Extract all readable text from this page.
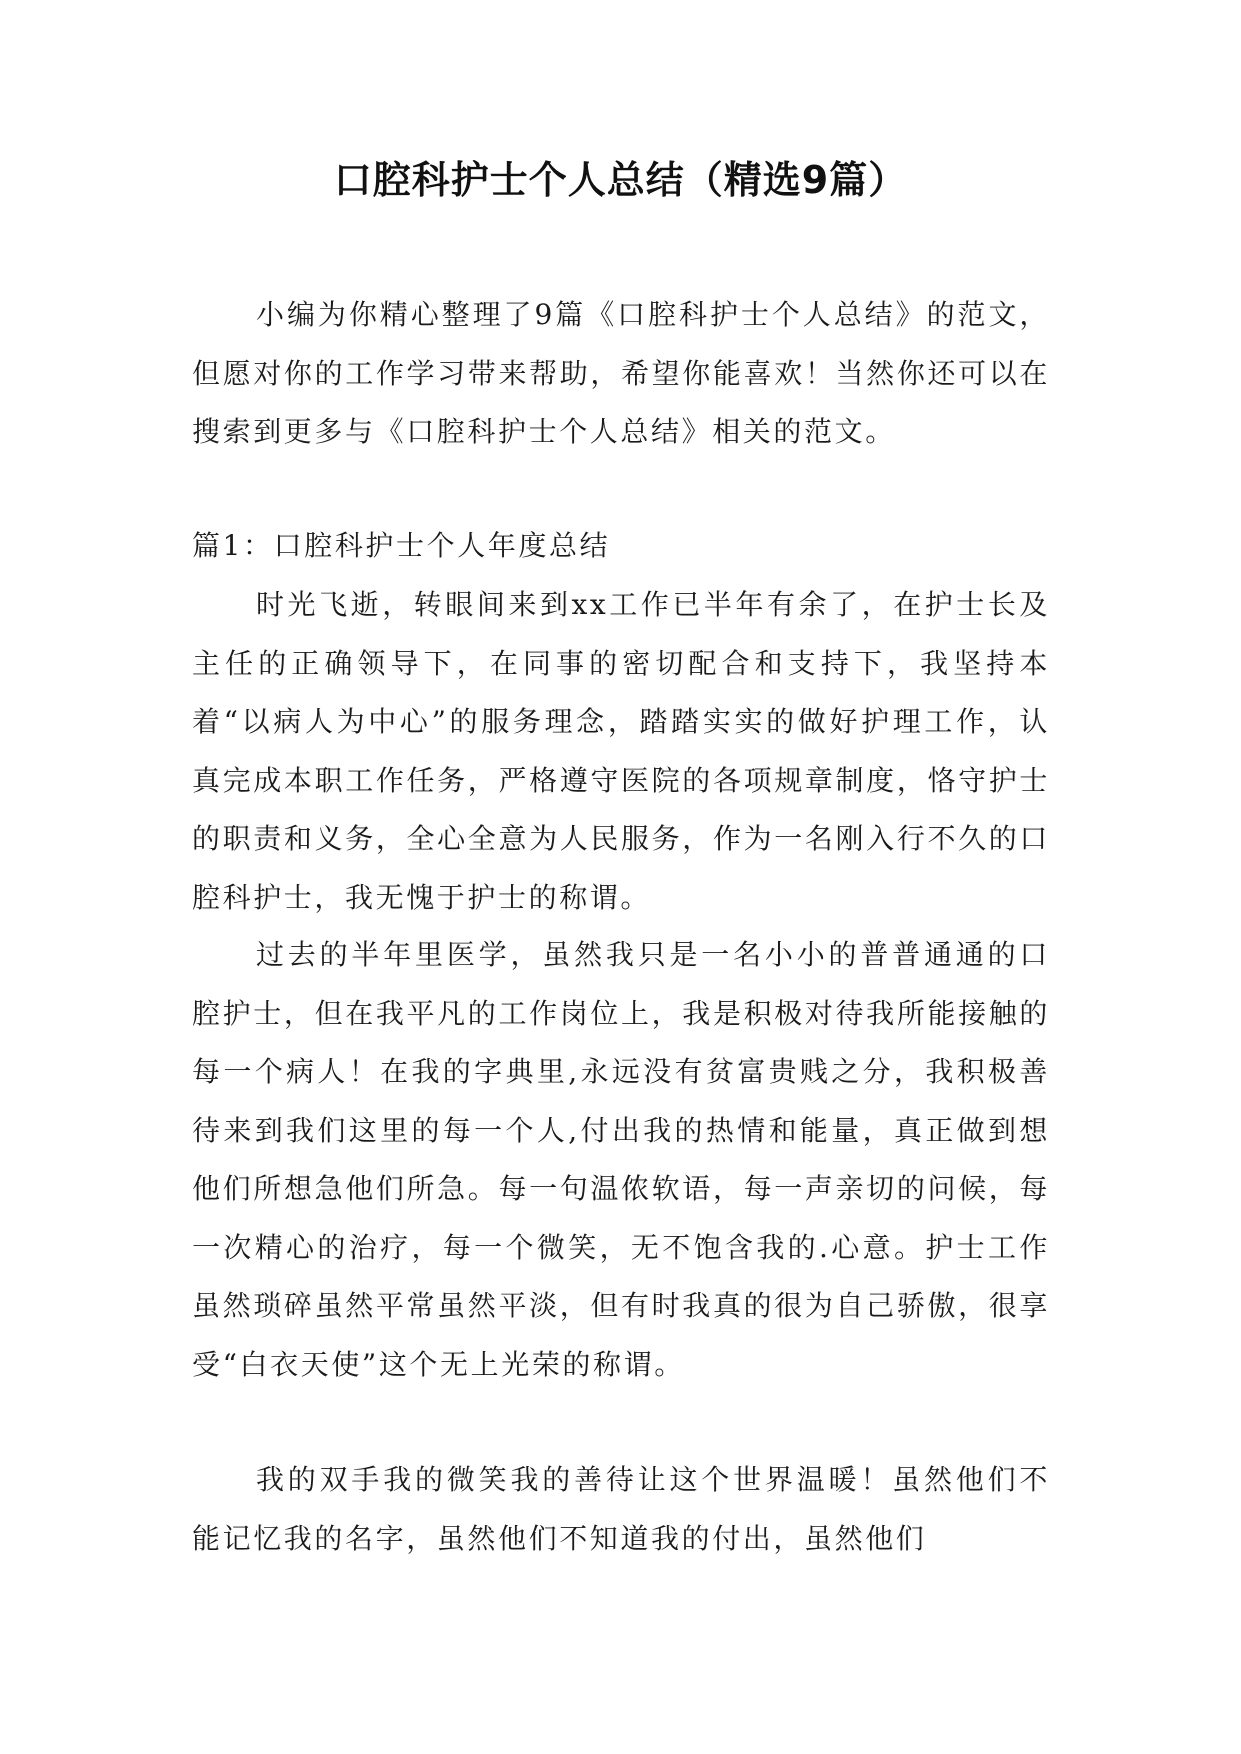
口腔科护士个人总结（精选9篇）

小编为你精心整理了9篇《口腔科护士个人总结》的范文，但愿对你的工作学习带来帮助，希望你能喜欢！当然你还可以在搜索到更多与《口腔科护士个人总结》相关的范文。

篇1：口腔科护士个人年度总结

时光飞逝，转眼间来到xx工作已半年有余了，在护士长及主任的正确领导下，在同事的密切配合和支持下，我坚持本着“以病人为中心”的服务理念，踏踏实实的做好护理工作，认真完成本职工作任务，严格遵守医院的各项规章制度，恪守护士的职责和义务，全心全意为人民服务，作为一名刚入行不久的口腔科护士，我无愧于护士的称谓。

过去的半年里医学，虽然我只是一名小小的普普通通的口腔护士，但在我平凡的工作岗位上，我是积极对待我所能接触的每一个病人！在我的字典里,永远没有贫富贵贱之分，我积极善待来到我们这里的每一个人,付出我的热情和能量，真正做到想他们所想急他们所急。每一句温侬软语，每一声亲切的问候，每一次精心的治疗，每一个微笑，无不饱含我的.心意。护士工作虽然琐碎虽然平常虽然平淡，但有时我真的很为自己骄傲，很享受“白衣天使”这个无上光荣的称谓。

我的双手我的微笑我的善待让这个世界温暖！虽然他们不能记忆我的名字，虽然他们不知道我的付出，虽然他们
